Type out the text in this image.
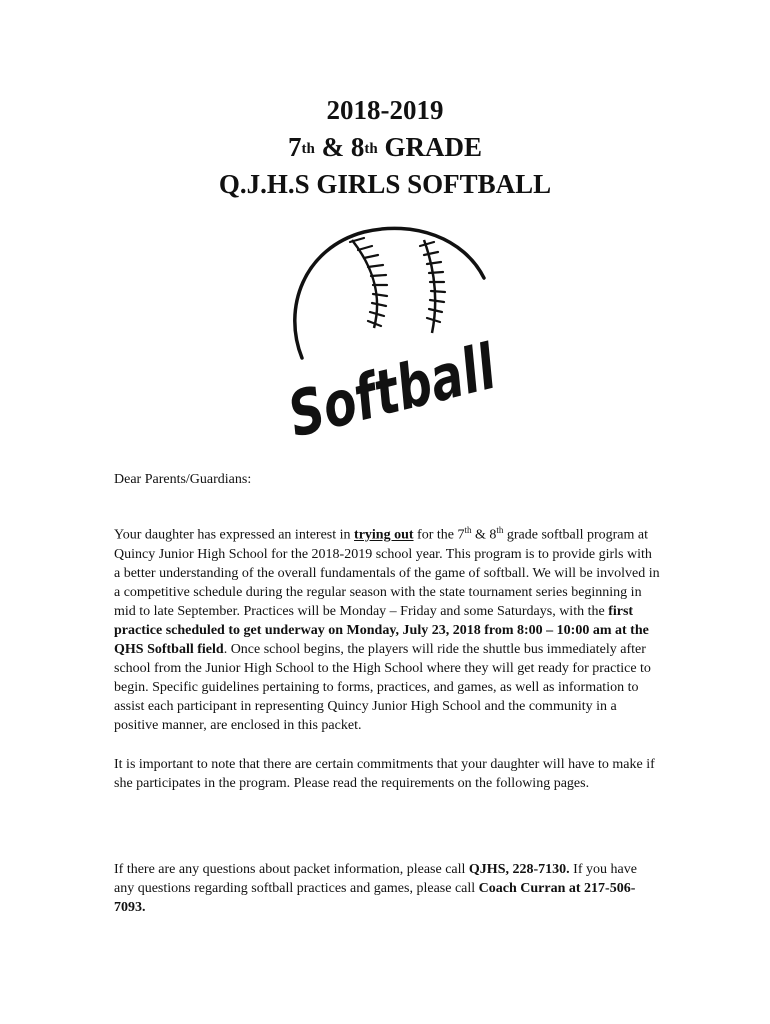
2018-2019
7th & 8th GRADE
Q.J.H.S GIRLS SOFTBALL
Softball
Dear Parents/Guardians:
Your daughter has expressed an interest in trying out for the 7th & 8th grade softball program at Quincy Junior High School for the 2018-2019 school year. This program is to provide girls with a better understanding of the overall fundamentals of the game of softball. We will be involved in a competitive schedule during the regular season with the state tournament series beginning in mid to late September. Practices will be Monday – Friday and some Saturdays, with the first practice scheduled to get underway on Monday, July 23, 2018 from 8:00 – 10:00 am at the QHS Softball field. Once school begins, the players will ride the shuttle bus immediately after school from the Junior High School to the High School where they will get ready for practice to begin. Specific guidelines pertaining to forms, practices, and games, as well as information to assist each participant in representing Quincy Junior High School and the community in a positive manner, are enclosed in this packet.
It is important to note that there are certain commitments that your daughter will have to make if she participates in the program. Please read the requirements on the following pages.
If there are any questions about packet information, please call QJHS, 228-7130. If you have any questions regarding softball practices and games, please call Coach Curran at 217-506-7093.
